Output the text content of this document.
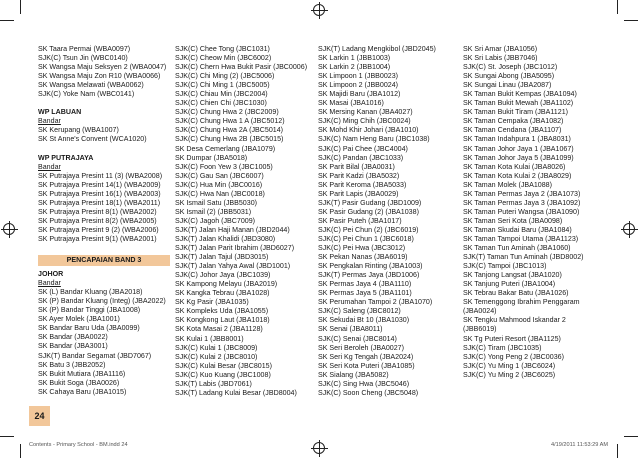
SK Taara Permai (WBA0097)
SJK(C) Tsun Jin (WBC0140)
SK Wangsa Maju Seksyen 2 (WBA0047)
SK Wangsa Maju Zon R10 (WBA0066)
SK Wangsa Melawati (WBA0062)
SJK(C) Yoke Nam (WBC0141)
WP LABUAN
Bandar
SK Kerupang (WBA1007)
SK St Anne's Convent (WCA1020)
WP PUTRAJAYA
Bandar
SK Putrajaya Presint 11 (3) (WBA2008)
SK Putrajaya Presint 14(1) (WBA2009)
SK Putrajaya Presint 16(1) (WBA2003)
SK Putrajaya Presint 18(1) (WBA2011)
SK Putrajaya Presint 8(1) (WBA2002)
SK Putrajaya Presint 8(2) (WBA2005)
SK Putrajaya Presint 9 (2) (WBA2006)
SK Putrajaya Presint 9(1) (WBA2001)
PENCAPAIAN BAND 3
JOHOR
Bandar
SK (L) Bandar Kluang (JBA2018)
SK (P) Bandar Kluang (Integ) (JBA2022)
SK (P) Bandar Tinggi (JBA1008)
SK Ayer Molek (JBA1001)
SK Bandar Baru Uda (JBA0099)
SK Bandar (JBA0022)
SK Bandar (JBA3001)
SJK(T) Bandar Segamat (JBD7067)
SK Batu 3 (JBB2052)
SK Bukit Mutiara (JBA1116)
SK Bukit Soga (JBA0026)
SK Cahaya Baru (JBA1015)
SJK(C) Chee Tong (JBC1031)
SJK(C) Cheow Min (JBC6002)
SJK(C) Chern Hwa Bukit Pasir (JBC0006)
SJK(C) Chi Ming (2) (JBC5006)
SJK(C) Chi Ming 1 (JBC5005)
SJK(C) Chiau Min (JBC2004)
SJK(C) Chien Chi (JBC1030)
SJK(C) Chung Hwa 2 (JBC2009)
SJK(C) Chung Hwa 1 A (JBC5012)
SJK(C) Chung Hwa 2A (JBC5014)
SJK(C) Chung Hwa 2B (JBC5015)
SK Desa Cemerlang (JBA1079)
SK Dumpar (JBA5018)
SJK(C) Foon Yew 3 (JBC1005)
SJK(C) Gau San (JBC6007)
SJK(C) Hua Min (JBC0016)
SJK(C) Hwa Nan (JBC0018)
SK Ismail Satu (JBB5030)
SK Ismail (2) (JBB5031)
SJK(C) Jagoh (JBC7009)
SJK(T) Jalan Haji Manan (JBD2044)
SJK(T) Jalan Khalidi (JBD3080)
SJK(T) Jalan Parit Ibrahim (JBD6027)
SJK(T) Jalan Tajul (JBD3015)
SJK(T) Jalan Yahya Awal (JBD1001)
SJK(C) Johor Jaya (JBC1039)
SK Kampong Melayu (JBA2019)
SK Kangka Tebrau (JBA1028)
SK Kg Pasir (JBA1035)
SK Kompleks Uda (JBA1055)
SK Kongkong Laut (JBA1018)
SK Kota Masai 2 (JBA1128)
SK Kulai 1 (JBB8001)
SJK(C) Kulai 1 (JBC8009)
SJK(C) Kulai 2 (JBC8010)
SJK(C) Kulai Besar (JBC8015)
SJK(C) Kuo Kuang (JBC1008)
SJK(T) Labis (JBD7061)
SJK(T) Ladang Kulai Besar (JBD8004)
SJK(T) Ladang Mengkibol (JBD2045)
SK Larkin 1 (JBB1003)
SK Larkin 2 (JBB1004)
SK Limpoon 1 (JBB0023)
SK Limpoon 2 (JBB0024)
SK Majidi Baru (JBA1012)
SK Masai (JBA1016)
SK Mersing Kanan (JBA4027)
SJK(C) Ming Chih (JBC0024)
SK Mohd Khir Johari (JBA1010)
SJK(C) Nam Heng Baru (JBC1038)
SJK(C) Pai Chee (JBC4004)
SJK(C) Pandan (JBC1033)
SK Parit Bilal (JBA0031)
SK Parit Kadzi (JBA5032)
SK Parit Keroma (JBA5033)
SK Parit Lapis (JBA0029)
SJK(T) Pasir Gudang (JBD1009)
SK Pasir Gudang (2) (JBA1038)
SK Pasir Puteh (JBA1017)
SJK(C) Pei Chun (2) (JBC6019)
SJK(C) Pei Chun 1 (JBC6018)
SJK(C) Pei Hwa (JBC3012)
SK Pekan Nanas (JBA6019)
SK Pengkalan Rinting (JBA1003)
SJK(T) Permas Jaya (JBD1006)
SK Permas Jaya 4 (JBA1110)
SK Permas Jaya 5 (JBA1101)
SK Perumahan Tampoi 2 (JBA1070)
SJK(C) Saleng (JBC8012)
SK Sekudai Bt 10 (JBA1030)
SK Senai (JBA8011)
SJK(C) Senai (JBC8014)
SK Seri Beroleh (JBA0027)
SK Seri Kg Tengah (JBA2024)
SK Seri Kota Puteri (JBA1085)
SK Sialang (JBA5082)
SJK(C) Sing Hwa (JBC5046)
SJK(C) Soon Cheng (JBC5048)
SK Sri Amar (JBA1056)
SK Sri Labis (JBB7046)
SJK(C) St. Joseph (JBC1012)
SK Sungai Abong (JBA5095)
SK Sungai Linau (JBA2087)
SK Taman Bukit Kempas (JBA1094)
SK Taman Bukit Mewah (JBA1102)
SK Taman Bukit Tiram (JBA1121)
SK Taman Cempaka (JBA1082)
SK Taman Cendana (JBA1107)
SK Taman Indahpura 1 (JBA8031)
SK Taman Johor Jaya 1 (JBA1067)
SK Taman Johor Jaya 5 (JBA1099)
SK Taman Kota Kulai (JBA8026)
SK Taman Kota Kulai 2 (JBA8029)
SK Taman Molek (JBA1088)
SK Taman Permas Jaya 2 (JBA1073)
SK Taman Permas Jaya 3 (JBA1092)
SK Taman Puteri Wangsa (JBA1090)
SK Taman Seri Kota (JBA0098)
SK Taman Skudai Baru (JBA1084)
SK Taman Tampoi Utama (JBA1123)
SK Taman Tun Aminah (JBA1060)
SJK(T) Taman Tun Aminah (JBD8002)
SJK(C) Tampoi (JBC1013)
SK Tanjong Langsat (JBA1020)
SK Tanjung Puteri (JBA1004)
SK Tebrau Bakar Batu (JBA1026)
SK Temenggong Ibrahim Penggaram
(JBA0024)
SK Tengku Mahmood Iskandar 2
(JBB6019)
SK Tg Puteri Resort (JBA1125)
SJK(C) Tiram (JBC1035)
SJK(C) Yong Peng 2 (JBC0036)
SJK(C) Yu Ming 1 (JBC6024)
SJK(C) Yu Ming 2 (JBC6025)
24
Contents - Primary School - BM.indd 24	4/19/2011 11:53:29 AM
